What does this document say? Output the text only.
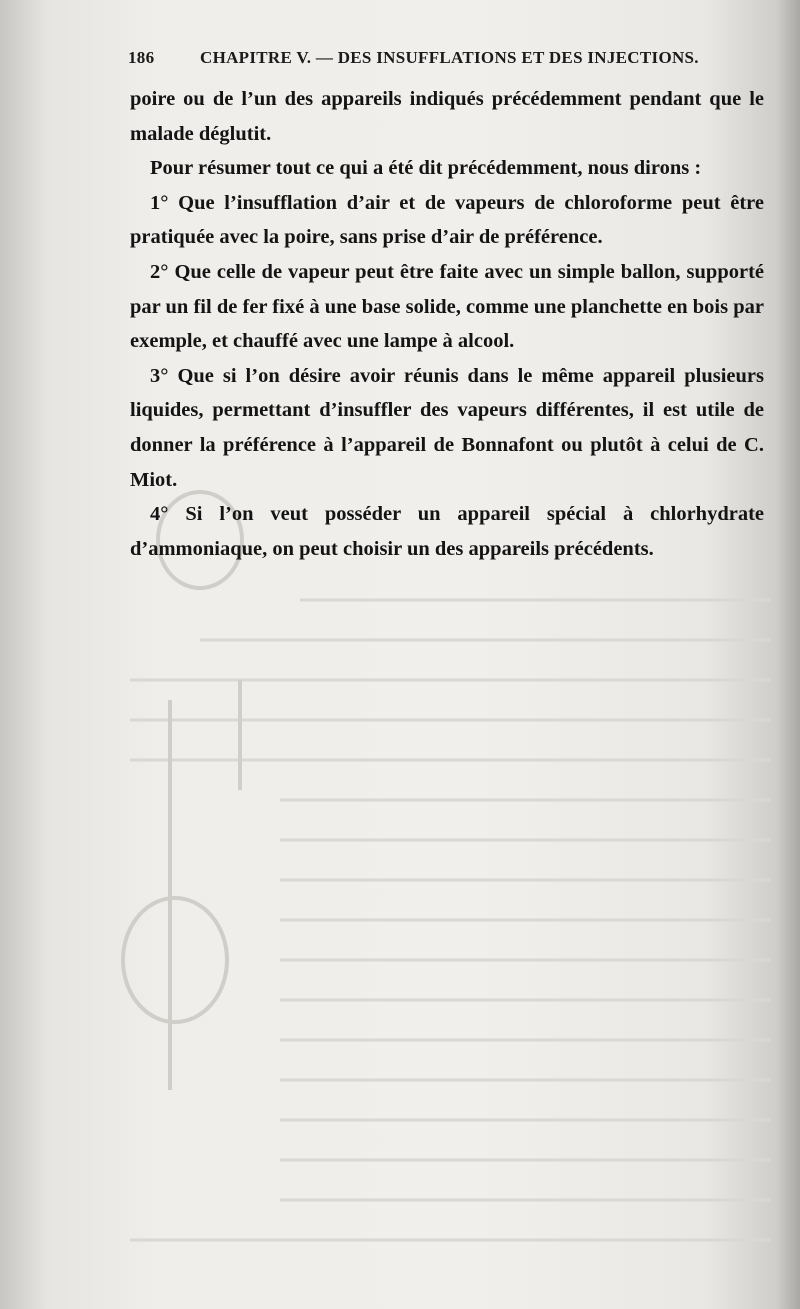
186	CHAPITRE V. — DES INSUFFLATIONS ET DES INJECTIONS.

poire ou de l’un des appareils indiqués précédemment pendant que le malade déglutit.

Pour résumer tout ce qui a été dit précédemment, nous dirons :

1° Que l’insufflation d’air et de vapeurs de chloroforme peut être pratiquée avec la poire, sans prise d’air de préférence.

2° Que celle de vapeur peut être faite avec un simple ballon, supporté par un fil de fer fixé à une base solide, comme une planchette en bois par exemple, et chauffé avec une lampe à alcool.

3° Que si l’on désire avoir réunis dans le même appareil plusieurs liquides, permettant d’insuffler des vapeurs différentes, il est utile de donner la préférence à l’appareil de Bonnafont ou plutôt à celui de C. Miot.

4° Si l’on veut posséder un appareil spécial à chlorhydrate d’ammoniaque, on peut choisir un des appareils précédents.
